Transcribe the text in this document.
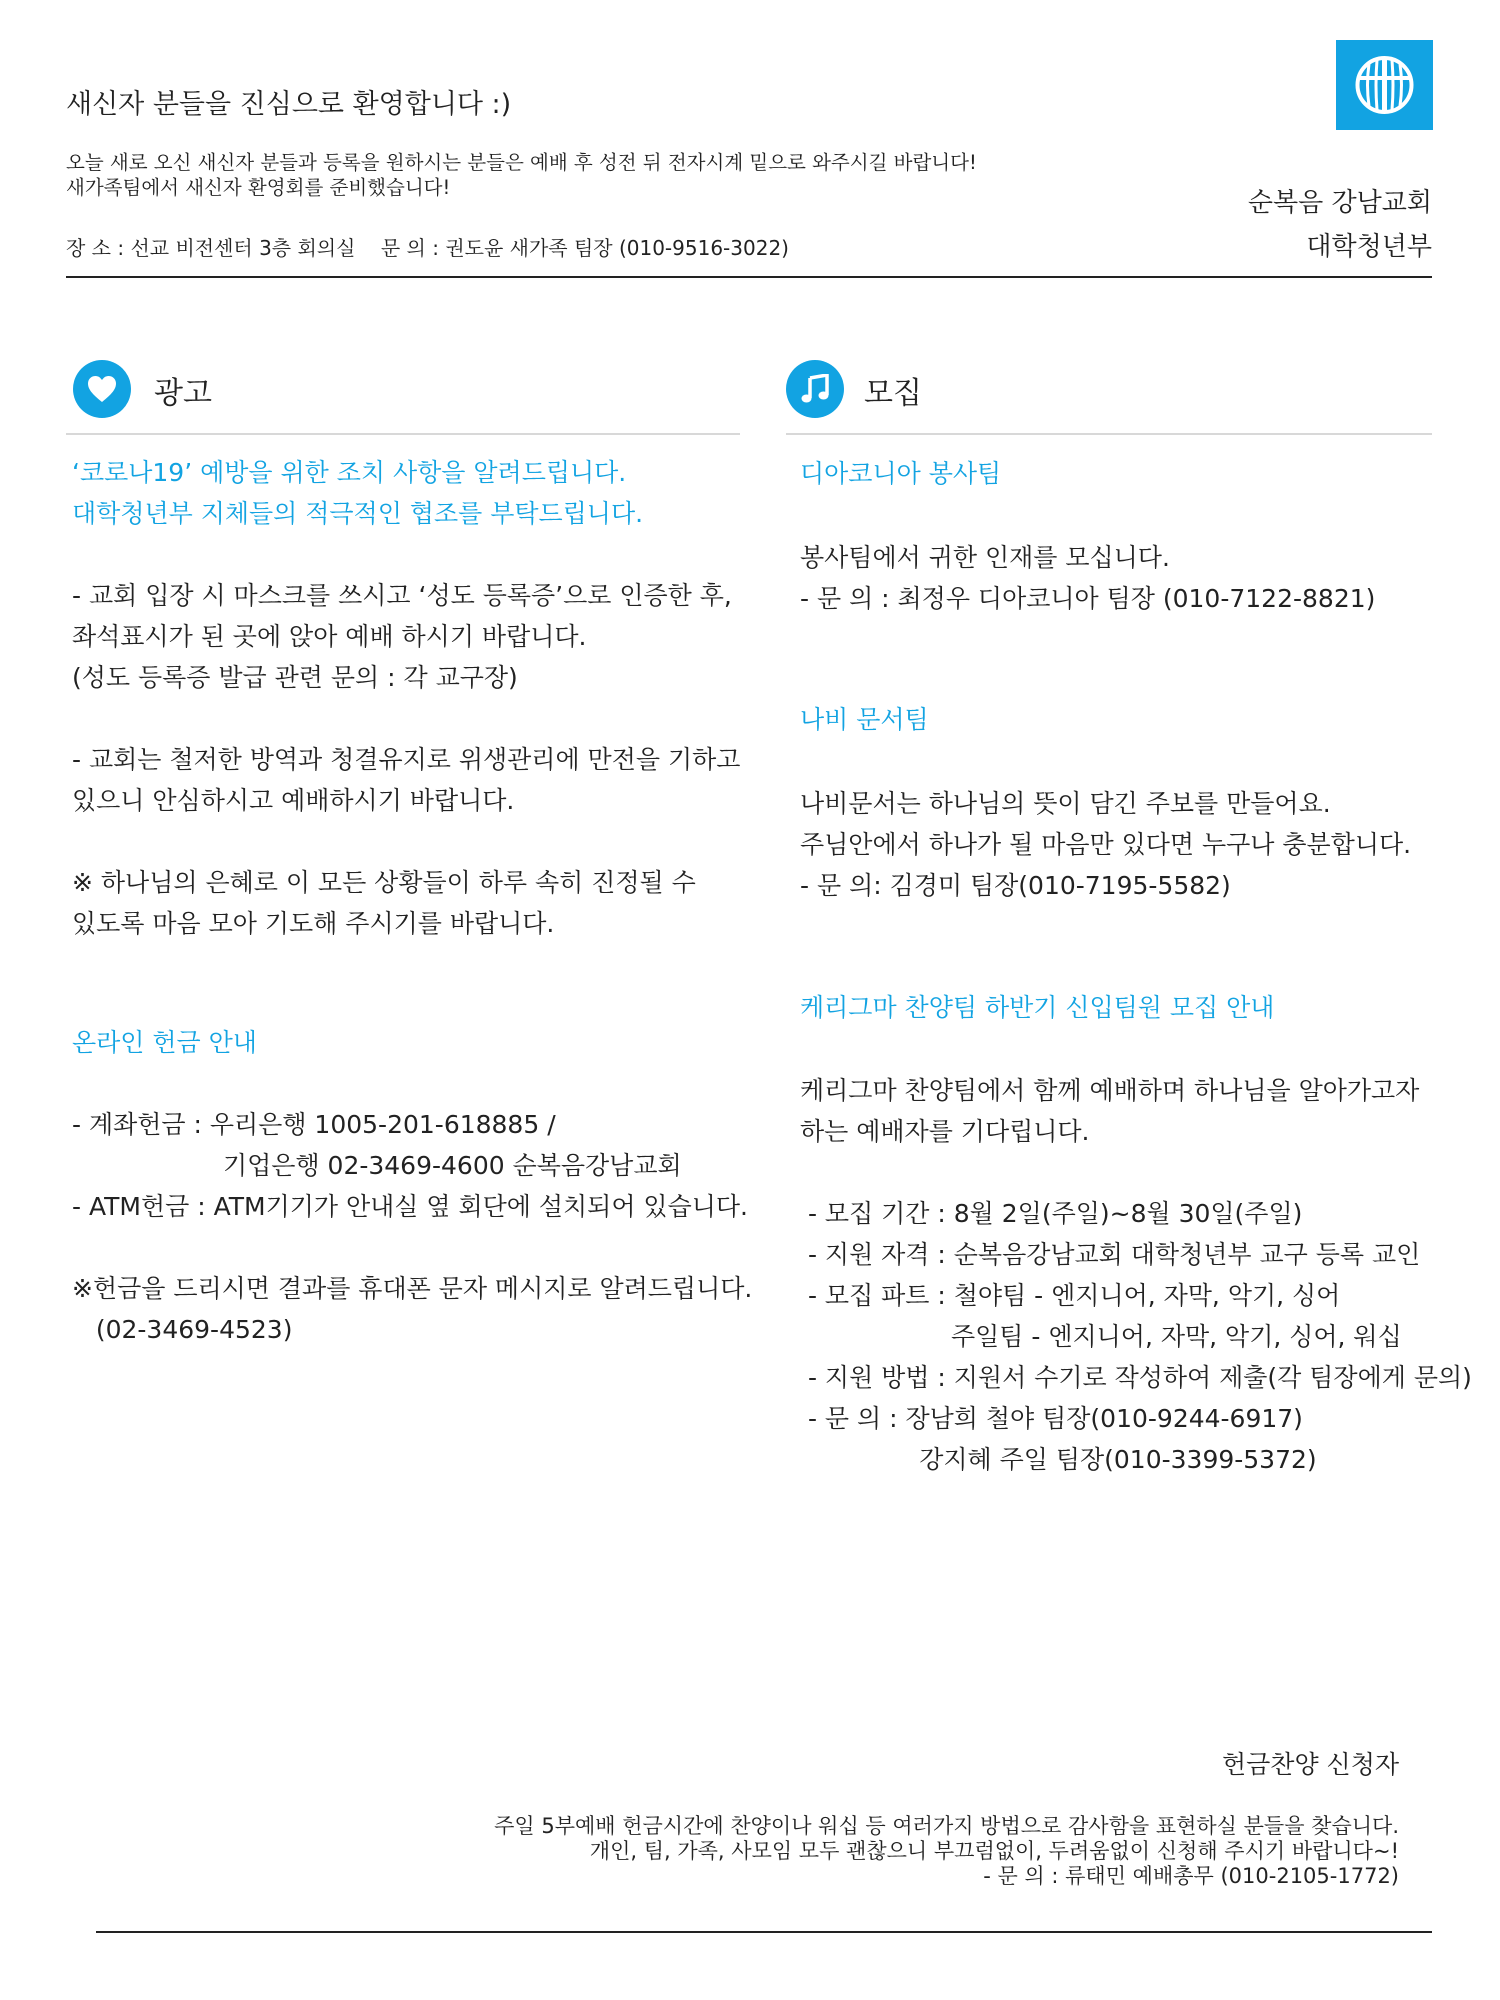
새신자 분들을 진심으로 환영합니다 :)
오늘 새로 오신 새신자 분들과 등록을 원하시는 분들은 예배 후 성전 뒤 전자시계 밑으로 와주시길 바랍니다!
새가족팀에서 새신자 환영회를 준비했습니다!
장 소 : 선교 비전센터 3층 회의실    문 의 : 권도윤 새가족 팀장 (010-9516-3022)
순복음 강남교회
대학청년부
광고	모집
‘코로나19’ 예방을 위한 조치 사항을 알려드립니다.
대학청년부 지체들의 적극적인 협조를 부탁드립니다.
- 교회 입장 시 마스크를 쓰시고 ‘성도 등록증’으로 인증한 후,
좌석표시가 된 곳에 앉아 예배 하시기 바랍니다.
(성도 등록증 발급 관련 문의 : 각 교구장)

- 교회는 철저한 방역과 청결유지로 위생관리에 만전을 기하고
있으니 안심하시고 예배하시기 바랍니다.

※ 하나님의 은혜로 이 모든 상황들이 하루 속히 진정될 수
있도록 마음 모아 기도해 주시기를 바랍니다.
온라인 헌금 안내
- 계좌헌금 : 우리은행 1005-201-618885 /
기업은행 02-3469-4600 순복음강남교회
- ATM헌금 : ATM기기가 안내실 옆 회단에 설치되어 있습니다.

※헌금을 드리시면 결과를 휴대폰 문자 메시지로 알려드립니다.
(02-3469-4523)
디아코니아 봉사팀
봉사팀에서 귀한 인재를 모십니다.
- 문 의 : 최정우 디아코니아 팀장 (010-7122-8821)
나비 문서팀
나비문서는 하나님의 뜻이 담긴 주보를 만들어요.
주님안에서 하나가 될 마음만 있다면 누구나 충분합니다.
- 문 의: 김경미 팀장(010-7195-5582)
케리그마 찬양팀 하반기 신입팀원 모집 안내
케리그마 찬양팀에서 함께 예배하며 하나님을 알아가고자
하는 예배자를 기다립니다.
- 모집 기간 : 8월 2일(주일)~8월 30일(주일)
- 지원 자격 : 순복음강남교회 대학청년부 교구 등록 교인
- 모집 파트 : 철야팀 - 엔지니어, 자막, 악기, 싱어
주일팀 - 엔지니어, 자막, 악기, 싱어, 워십
- 지원 방법 : 지원서 수기로 작성하여 제출(각 팀장에게 문의)
- 문 의 : 장남희 철야 팀장(010-9244-6917)
강지혜 주일 팀장(010-3399-5372)
헌금찬양 신청자
주일 5부예배 헌금시간에 찬양이나 워십 등 여러가지 방법으로 감사함을 표현하실 분들을 찾습니다.
개인, 팀, 가족, 사모임 모두 괜찮으니 부끄럼없이, 두려움없이 신청해 주시기 바랍니다~!
- 문 의 : 류태민 예배총무 (010-2105-1772)
